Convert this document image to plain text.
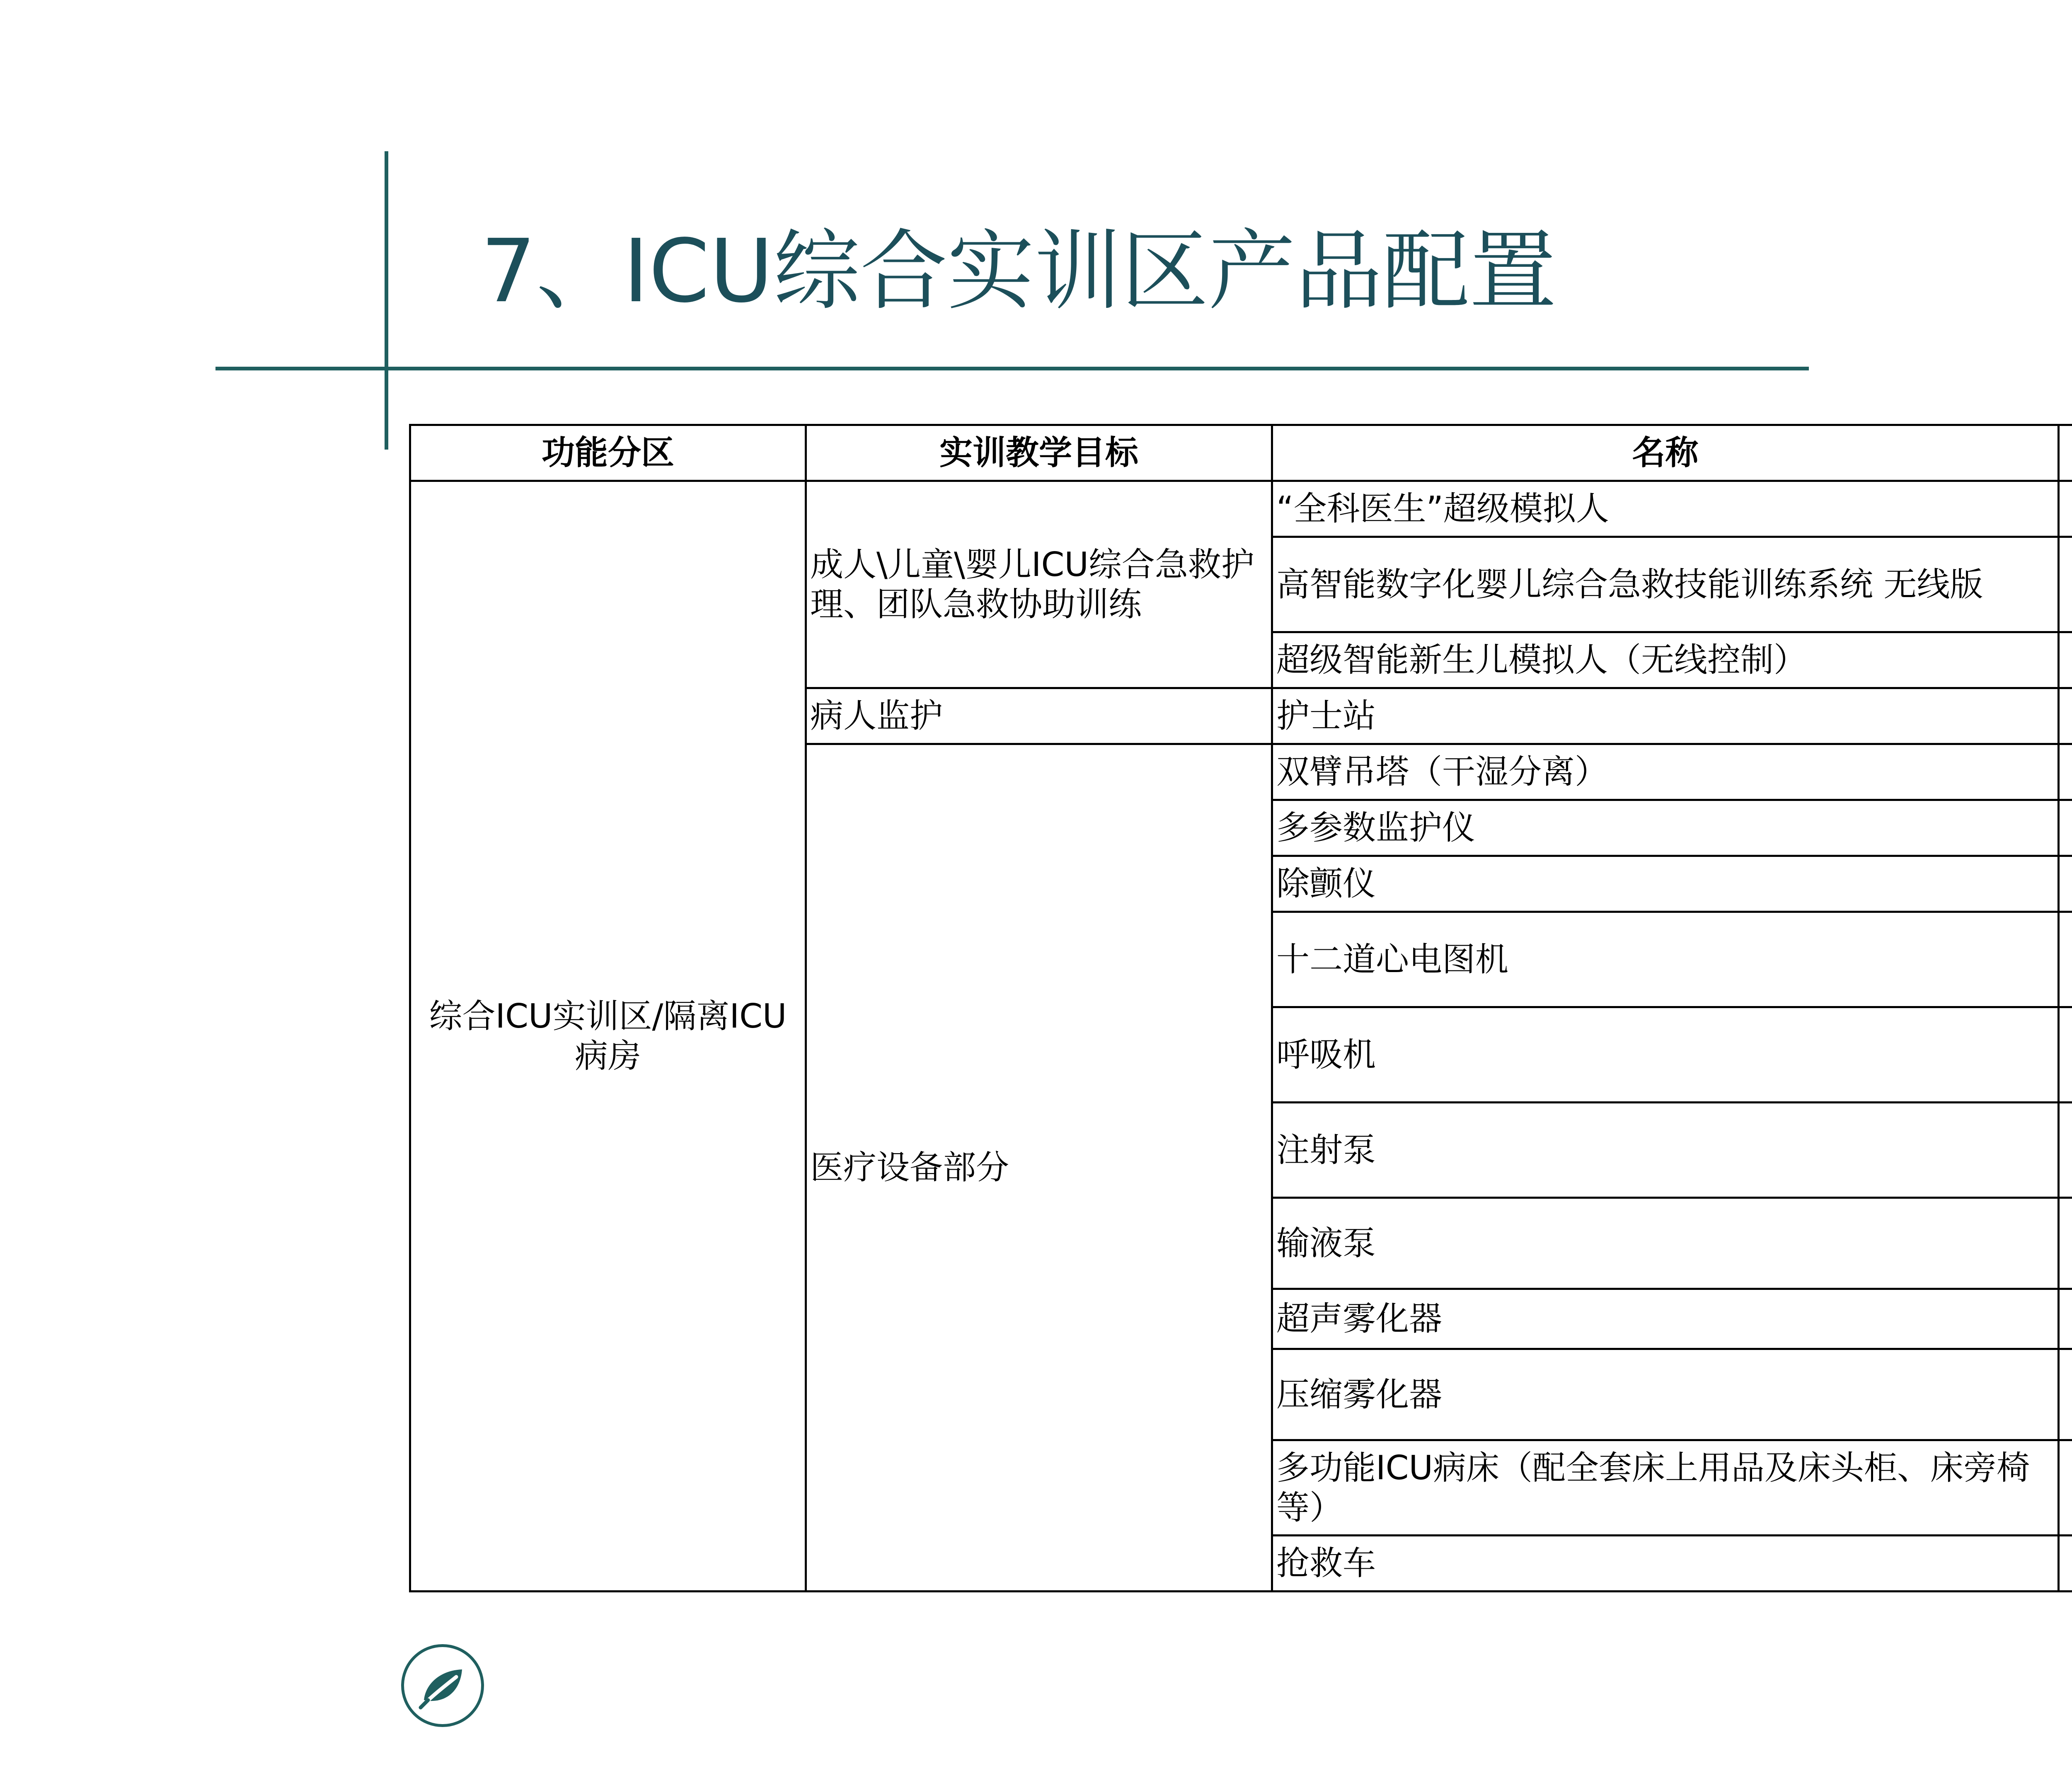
7、ICU综合实训区产品配置
功能分区	实训教学目标	名称		
综合ICU实训区/隔离ICU病房	成人\儿童\婴儿ICU综合急救护理、团队急救协助训练	“全科医生”超级模拟人		
		高智能数字化婴儿综合急救技能训练系统 无线版		
		超级智能新生儿模拟人（无线控制）		
	病人监护	护士站		
	医疗设备部分	双臂吊塔（干湿分离）		
		多参数监护仪		
		除颤仪		
		十二道心电图机		
		呼吸机		
		注射泵		
		输液泵		
		超声雾化器		
		压缩雾化器		
		多功能ICU病床（配全套床上用品及床头柜、床旁椅等）		
		抢救车		
